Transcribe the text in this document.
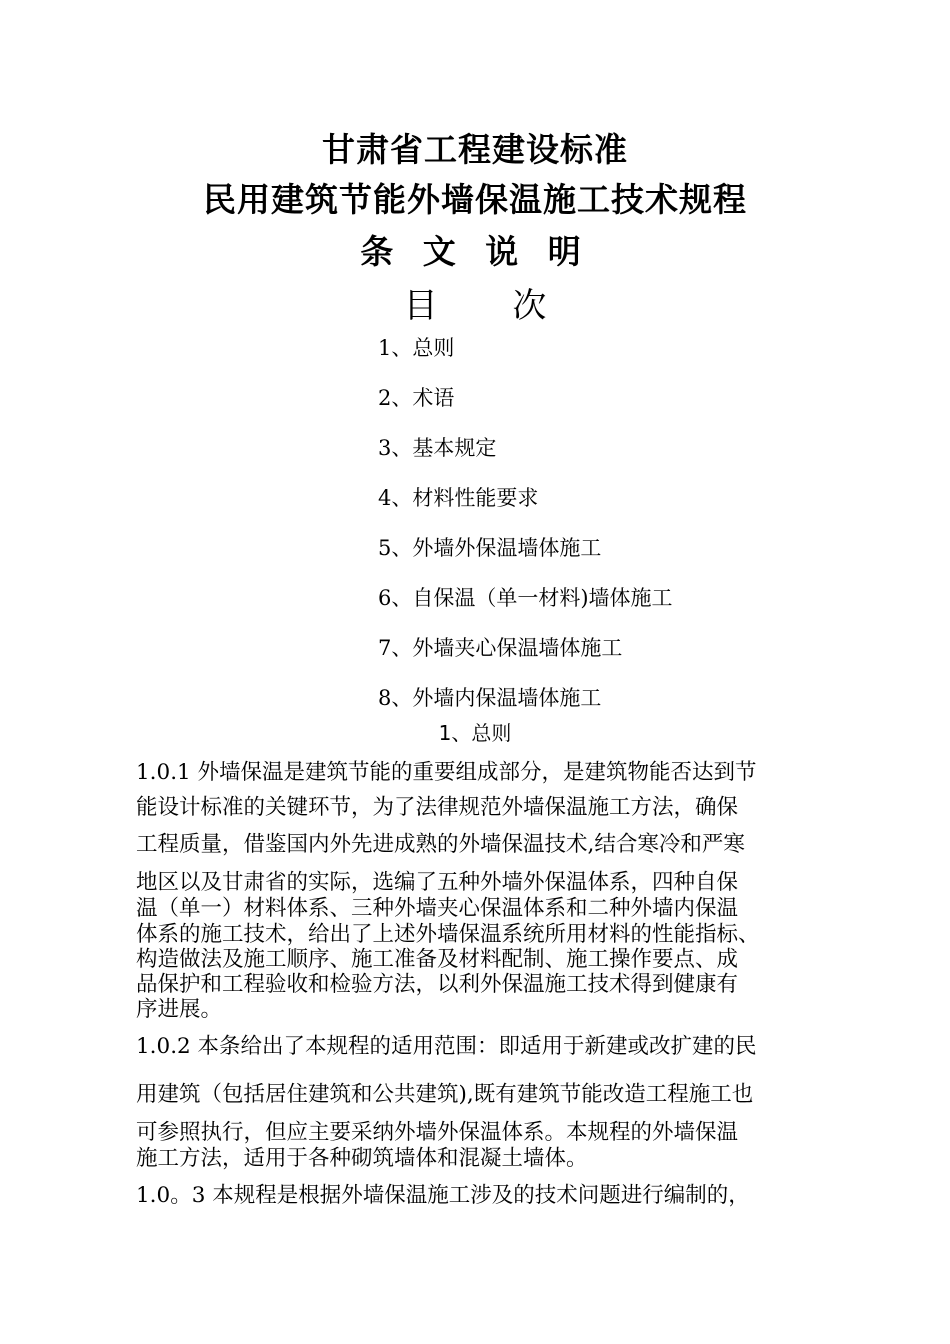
甘肃省工程建设标准
民用建筑节能外墙保温施工技术规程
条 文 说 明
目 次
1、总则
2、术语
3、基本规定
4、材料性能要求
5、外墙外保温墙体施工
6、自保温（单一材料)墙体施工
7、外墙夹心保温墙体施工
8、外墙内保温墙体施工
1、总则
1.0.1 外墙保温是建筑节能的重要组成部分，是建筑物能否达到节
能设计标准的关键环节，为了法律规范外墙保温施工方法，确保
工程质量，借鉴国内外先进成熟的外墙保温技术,结合寒冷和严寒
地区以及甘肃省的实际，选编了五种外墙外保温体系，四种自保
温（单一）材料体系、三种外墙夹心保温体系和二种外墙内保温
体系的施工技术，给出了上述外墙保温系统所用材料的性能指标、
构造做法及施工顺序、施工准备及材料配制、施工操作要点、成
品保护和工程验收和检验方法，以利外保温施工技术得到健康有
序进展。
1.0.2 本条给出了本规程的适用范围：即适用于新建或改扩建的民
用建筑（包括居住建筑和公共建筑),既有建筑节能改造工程施工也
可参照执行，但应主要采纳外墙外保温体系。本规程的外墙保温
施工方法，适用于各种砌筑墙体和混凝土墙体。
1.0。3 本规程是根据外墙保温施工涉及的技术问题进行编制的，
